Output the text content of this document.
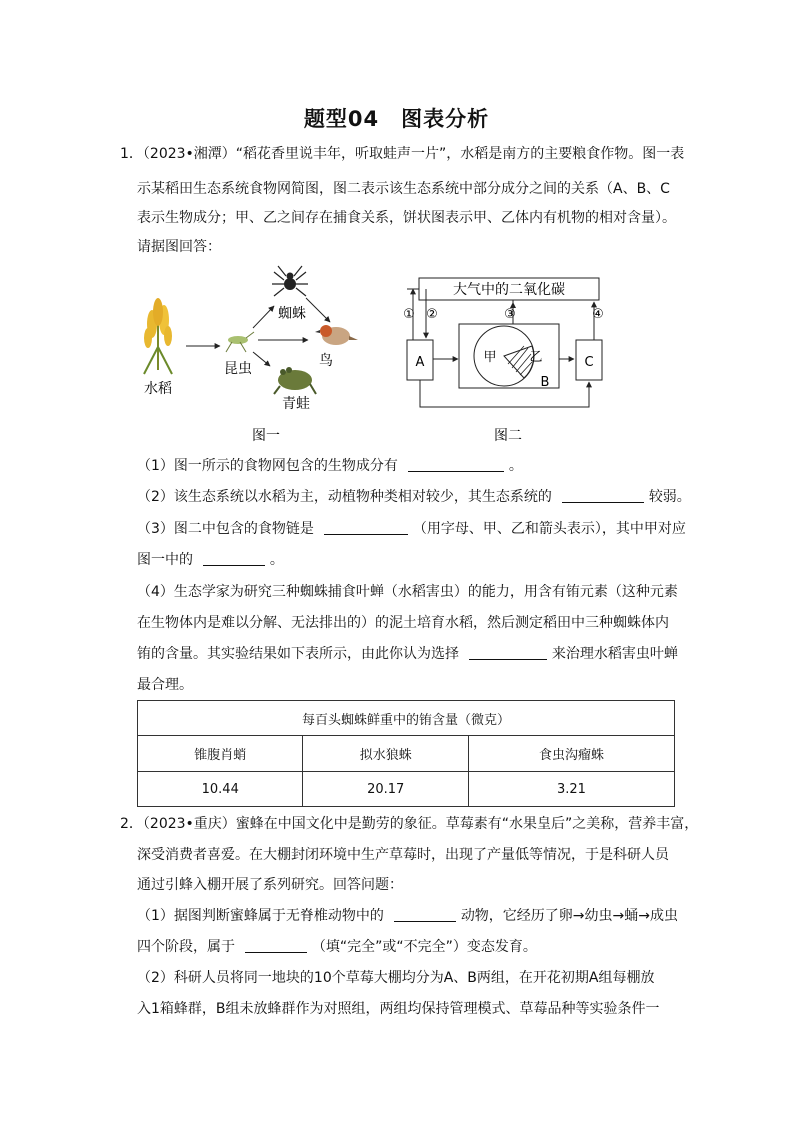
题型04　图表分析
1．（2023•湘潭）“稻花香里说丰年，听取蛙声一片”，水稻是南方的主要粮食作物。图一表
示某稻田生态系统食物网简图，图二表示该生态系统中部分成分之间的关系（A、B、C
表示生物成分；甲、乙之间存在捕食关系，饼状图表示甲、乙体内有机物的相对含量）。
请据图回答：
水稻
昆虫
蜘蛛
鸟
青蛙
图一
大气中的二氧化碳
A
① ②
甲	乙
B
③
C
④
图二
（1）图一所示的食物网包含的生物成分有	。
（2）该生态系统以水稻为主，动植物种类相对较少，其生态系统的	较弱。
（3）图二中包含的食物链是	（用字母、甲、乙和箭头表示），其中甲对应
图一中的	。
（4）生态学家为研究三种蜘蛛捕食叶蝉（水稻害虫）的能力，用含有铕元素（这种元素
在生物体内是难以分解、无法排出的）的泥土培育水稻，然后测定稻田中三种蜘蛛体内
铕的含量。其实验结果如下表所示，由此你认为选择	来治理水稻害虫叶蝉
最合理。
每百头蜘蛛鲜重中的铕含量（微克）		
锥腹肖蛸	拟水狼蛛	食虫沟瘤蛛
10.44	20.17	3.21
2．（2023•重庆）蜜蜂在中国文化中是勤劳的象征。草莓素有“水果皇后”之美称，营养丰富，
深受消费者喜爱。在大棚封闭环境中生产草莓时，出现了产量低等情况，于是科研人员
通过引蜂入棚开展了系列研究。回答问题：
（1）据图判断蜜蜂属于无脊椎动物中的	动物，它经历了卵→幼虫→蛹→成虫
四个阶段，属于	（填“完全”或“不完全”）变态发育。
（2）科研人员将同一地块的10个草莓大棚均分为A、B两组，在开花初期A组每棚放
入1箱蜂群，B组未放蜂群作为对照组，两组均保持管理模式、草莓品种等实验条件一
